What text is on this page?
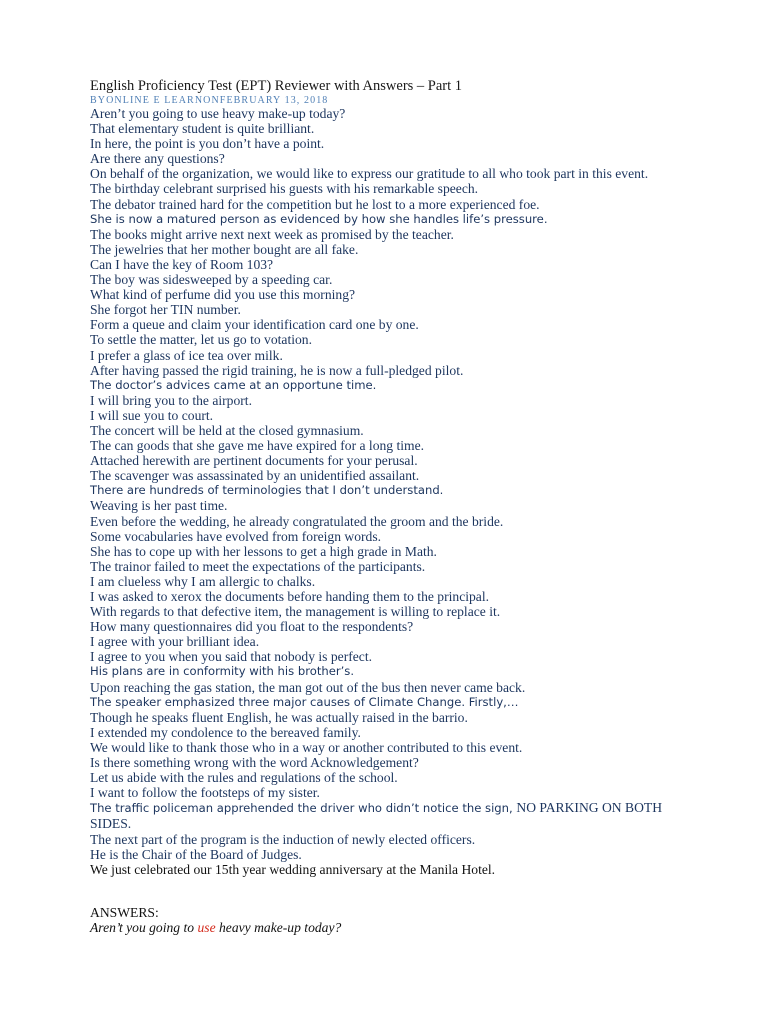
English Proficiency Test (EPT) Reviewer with Answers – Part 1
BYONLINE E LEARNONFEBRUARY 13, 2018
Aren’t you going to use heavy make-up today?
That elementary student is quite brilliant.
In here, the point is you don’t have a point.
Are there any questions?
On behalf of the organization, we would like to express our gratitude to all who took part in this event.
The birthday celebrant surprised his guests with his remarkable speech.
The debator trained hard for the competition but he lost to a more experienced foe.
She is now a matured person as evidenced by how she handles life’s pressure.
The books might arrive next next week as promised by the teacher.
The jewelries that her mother bought are all fake.
Can I have the key of Room 103?
The boy was sidesweeped by a speeding car.
What kind of perfume did you use this morning?
She forgot her TIN number.
Form a queue and claim your identification card one by one.
To settle the matter, let us go to votation.
I prefer a glass of ice tea over milk.
After having passed the rigid training, he is now a full-pledged pilot.
The doctor’s advices came at an opportune time.
I will bring you to the airport.
I will sue you to court.
The concert will be held at the closed gymnasium.
The can goods that she gave me have expired for a long time.
Attached herewith are pertinent documents for your perusal.
The scavenger was assassinated by an unidentified assailant.
There are hundreds of terminologies that I don’t understand.
Weaving is her past time.
Even before the wedding, he already congratulated the groom and the bride.
Some vocabularies have evolved from foreign words.
She has to cope up with her lessons to get a high grade in Math.
The trainor failed to meet the expectations of the participants.
I am clueless why I am allergic to chalks.
I was asked to xerox the documents before handing them to the principal.
With regards to that defective item, the management is willing to replace it.
How many questionnaires did you float to the respondents?
I agree with your brilliant idea.
I agree to you when you said that nobody is perfect.
His plans are in conformity with his brother’s.
Upon reaching the gas station, the man got out of the bus then never came back.
The speaker emphasized three major causes of Climate Change. Firstly,…
Though he speaks fluent English, he was actually raised in the barrio.
I extended my condolence to the bereaved family.
We would like to thank those who in a way or another contributed to this event.
Is there something wrong with the word Acknowledgement?
Let us abide with the rules and regulations of the school.
I want to follow the footsteps of my sister.
The traffic policeman apprehended the driver who didn’t notice the sign, NO PARKING ON BOTH SIDES.
The next part of the program is the induction of newly elected officers.
He is the Chair of the Board of Judges.
We just celebrated our 15th year wedding anniversary at the Manila Hotel.
ANSWERS:
Aren’t you going to use heavy make-up today?
